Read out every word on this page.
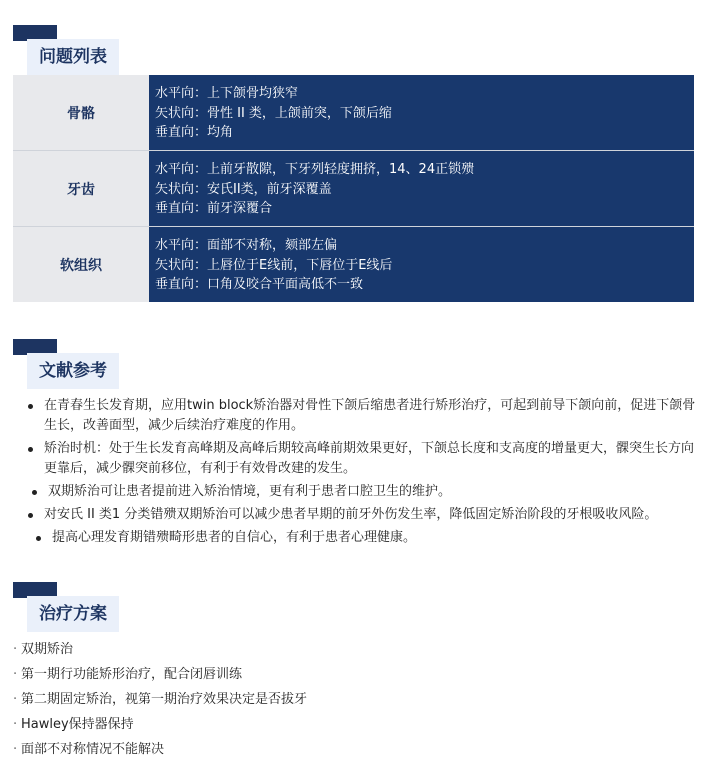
问题列表
骨骼
水平向：上下颌骨均狭窄
矢状向：骨性 II 类，上颌前突，下颌后缩
垂直向：均角
牙齿
水平向：上前牙散隙，下牙列轻度拥挤，14、24正锁㱮
矢状向：安氏II类，前牙深覆盖
垂直向：前牙深覆合
软组织
水平向：面部不对称，颏部左偏
矢状向：上唇位于E线前，下唇位于E线后
垂直向：口角及咬合平面高低不一致
文献参考
在青春生长发育期，应用twin block矫治器对骨性下颌后缩患者进行矫形治疗，可起到前导下颌向前，促进下颌骨生长，改善面型，减少后续治疗难度的作用。
矫治时机：处于生长发育高峰期及高峰后期较高峰前期效果更好，下颌总长度和支高度的增量更大，髁突生长方向更靠后，减少髁突前移位，有利于有效骨改建的发生。
双期矫治可让患者提前进入矫治情境，更有利于患者口腔卫生的维护。
对安氏 II 类1 分类错㱮双期矫治可以减少患者早期的前牙外伤发生率，降低固定矫治阶段的牙根吸收风险。
提高心理发育期错㱮畸形患者的自信心，有利于患者心理健康。
治疗方案
· 双期矫治
· 第一期行功能矫形治疗，配合闭唇训练
· 第二期固定矫治，视第一期治疗效果决定是否拔牙
· Hawley保持器保持
· 面部不对称情况不能解决
